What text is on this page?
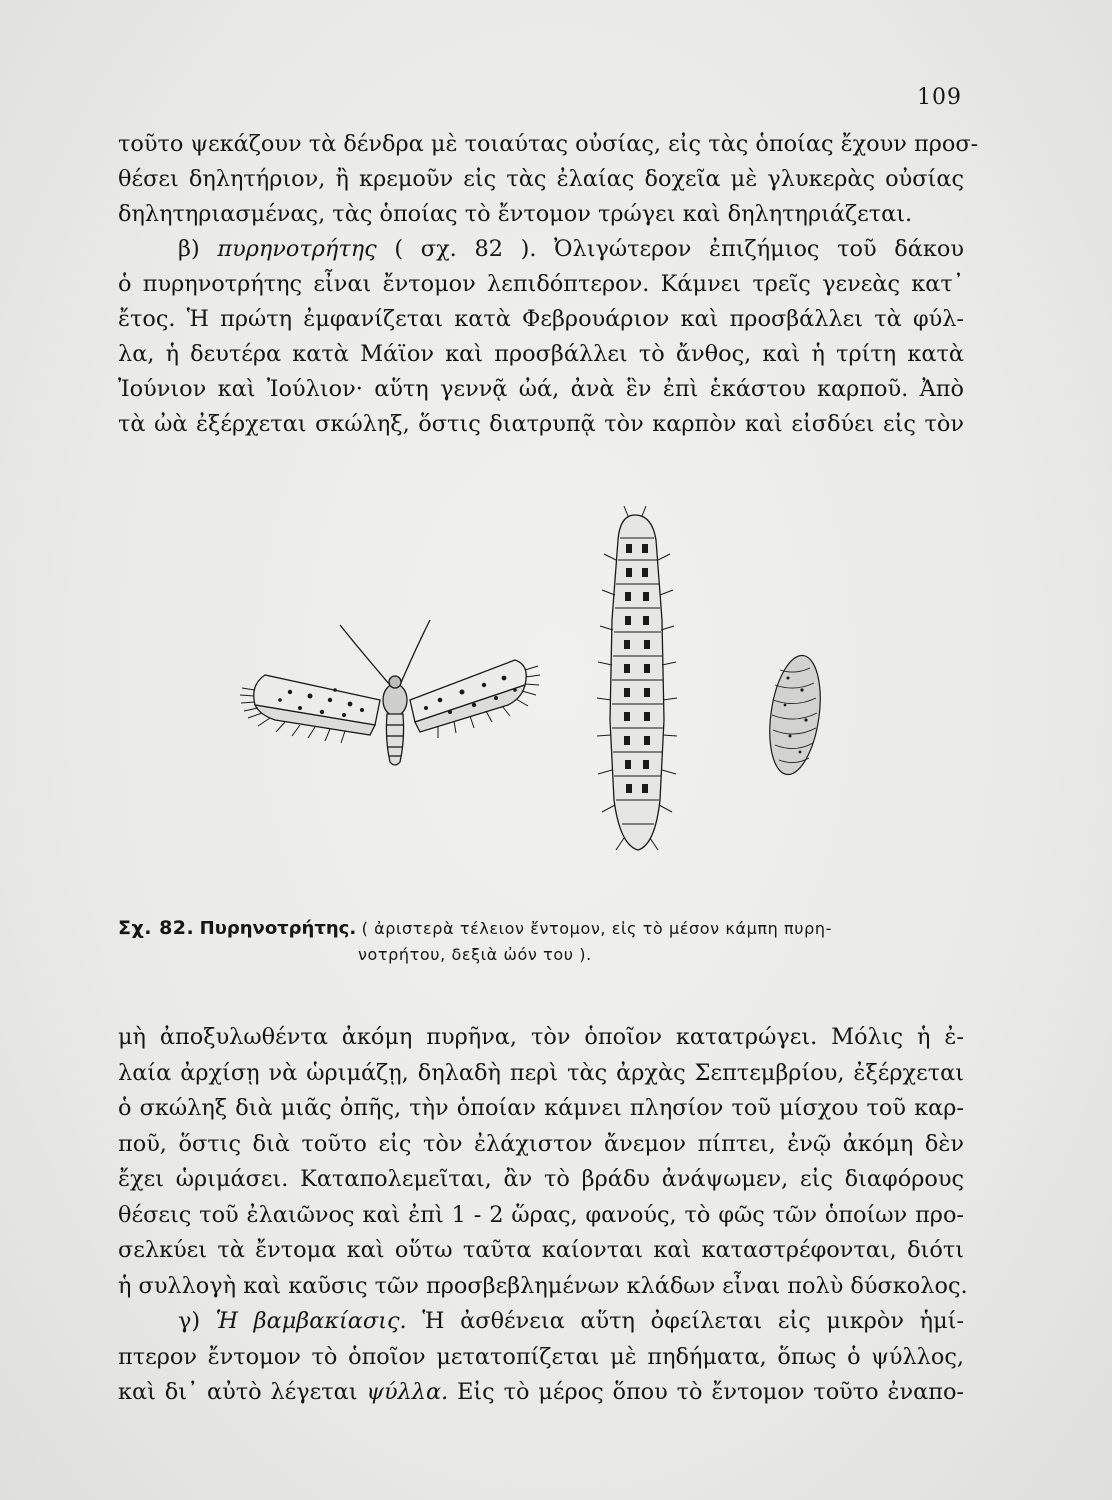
109
τοῦτο ψεκάζουν τὰ δένδρα μὲ τοιαύτας οὐσίας, εἰς τὰς ὁποίας ἔχουν προσ-
θέσει δηλητήριον, ἢ κρεμοῦν εἰς τὰς ἐλαίας δοχεῖα μὲ γλυκερὰς οὐσίας
δηλητηριασμένας, τὰς ὁποίας τὸ ἔντομον τρώγει καὶ δηλητηριάζεται.
β) πυρηνοτρήτης ( σχ. 82 ). Ὀλιγώτερον ἐπιζήμιος τοῦ δάκου
ὁ πυρηνοτρήτης εἶναι ἔντομον λεπιδόπτερον. Κάμνει τρεῖς γενεὰς κατ᾽
ἔτος. Ἡ πρώτη ἐμφανίζεται κατὰ Φεβρουάριον καὶ προσβάλλει τὰ φύλ-
λα, ἡ δευτέρα κατὰ Μάϊον καὶ προσβάλλει τὸ ἄνθος, καὶ ἡ τρίτη κατὰ
Ἰούνιον καὶ Ἰούλιον· αὕτη γεννᾷ ὠά, ἀνὰ ἓν ἐπὶ ἑκάστου καρποῦ. Ἀπὸ
τὰ ὠὰ ἐξέρχεται σκώληξ, ὅστις διατρυπᾷ τὸν καρπὸν καὶ εἰσδύει εἰς τὸν
Σχ. 82. Πυρηνοτρήτης. ( ἀριστερὰ τέλειον ἔντομον, εἰς τὸ μέσον κάμπη πυρη-
νοτρήτου, δεξιὰ ὠόν του ).
μὴ ἀποξυλωθέντα ἀκόμη πυρῆνα, τὸν ὁποῖον κατατρώγει. Μόλις ἡ ἐ-
λαία ἀρχίσῃ νὰ ὡριμάζῃ, δηλαδὴ περὶ τὰς ἀρχὰς Σεπτεμβρίου, ἐξέρχεται
ὁ σκώληξ διὰ μιᾶς ὀπῆς, τὴν ὁποίαν κάμνει πλησίον τοῦ μίσχου τοῦ καρ-
ποῦ, ὅστις διὰ τοῦτο εἰς τὸν ἐλάχιστον ἄνεμον πίπτει, ἐνῷ ἀκόμη δὲν
ἔχει ὡριμάσει. Καταπολεμεῖται, ἂν τὸ βράδυ ἀνάψωμεν, εἰς διαφόρους
θέσεις τοῦ ἐλαιῶνος καὶ ἐπὶ 1 - 2 ὥρας, φανούς, τὸ φῶς τῶν ὁποίων προ-
σελκύει τὰ ἔντομα καὶ οὕτω ταῦτα καίονται καὶ καταστρέφονται, διότι
ἡ συλλογὴ καὶ καῦσις τῶν προσβεβλημένων κλάδων εἶναι πολὺ δύσκολος.
γ) Ἡ βαμβακίασις. Ἡ ἀσθένεια αὕτη ὀφείλεται εἰς μικρὸν ἡμί-
πτερον ἔντομον τὸ ὁποῖον μετατοπίζεται μὲ πηδήματα, ὅπως ὁ ψύλλος,
καὶ δι᾽ αὐτὸ λέγεται ψύλλα. Εἰς τὸ μέρος ὅπου τὸ ἔντομον τοῦτο ἐναπο-
